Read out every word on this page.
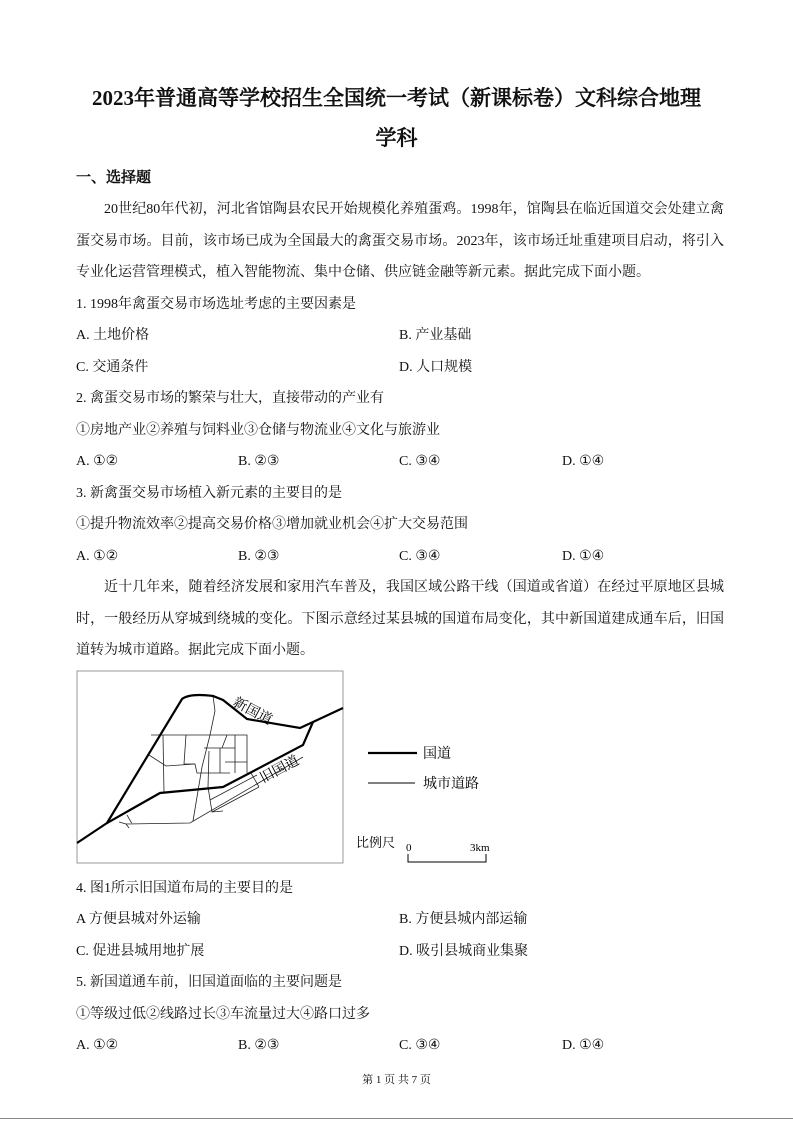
2023年普通高等学校招生全国统一考试（新课标卷）文科综合地理
学科
一、选择题
20世纪80年代初，河北省馆陶县农民开始规模化养殖蛋鸡。1998年，馆陶县在临近国道交会处建立禽蛋交易市场。目前，该市场已成为全国最大的禽蛋交易市场。2023年，该市场迁址重建项目启动，将引入专业化运营管理模式，植入智能物流、集中仓储、供应链金融等新元素。据此完成下面小题。
1. 1998年禽蛋交易市场选址考虑的主要因素是
A. 土地价格	B. 产业基础
C. 交通条件	D. 人口规模
2. 禽蛋交易市场的繁荣与壮大，直接带动的产业有
①房地产业②养殖与饲料业③仓储与物流业④文化与旅游业
A. ①②	B. ②③	C. ③④	D. ①④
3. 新禽蛋交易市场植入新元素的主要目的是
①提升物流效率②提高交易价格③增加就业机会④扩大交易范围
A. ①②	B. ②③	C. ③④	D. ①④
近十几年来，随着经济发展和家用汽车普及，我国区域公路干线（国道或省道）在经过平原地区县城时，一般经历从穿城到绕城的变化。下图示意经过某县城的国道布局变化，其中新国道建成通车后，旧国道转为城市道路。据此完成下面小题。
新国道
旧国道	国道
城市道路
比例尺 0	3km
4. 图1所示旧国道布局的主要目的是
A 方便县城对外运输	B. 方便县城内部运输
C. 促进县城用地扩展	D. 吸引县城商业集聚
5. 新国道通车前，旧国道面临的主要问题是
①等级过低②线路过长③车流量过大④路口过多
A. ①②	B. ②③	C. ③④	D. ①④
第 1 页 共 7 页
